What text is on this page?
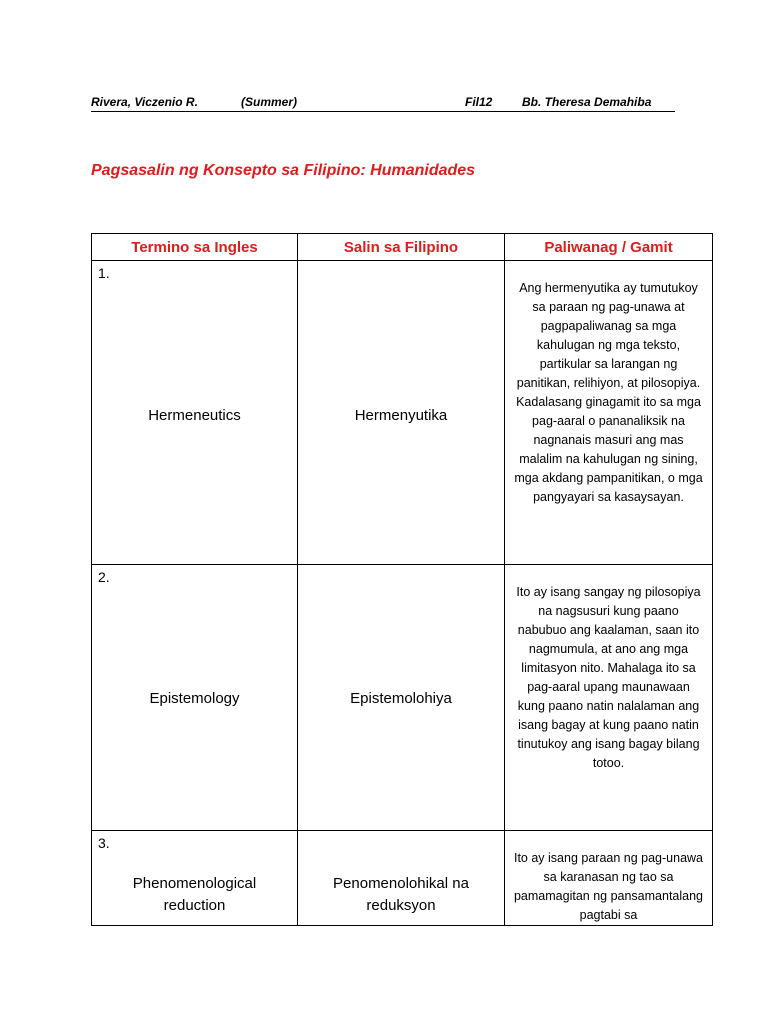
Rivera, Viczenio R.	(Summer)	Fil12 Bb. Theresa Demahiba
Pagsasalin ng Konsepto sa Filipino: Humanidades
Termino sa Ingles	Salin sa Filipino	Paliwanag / Gamit

1.
Hermeneutics	Hermenyutika	Ang hermenyutika ay tumutukoy sa paraan ng pag-unawa at pagpapaliwanag sa mga kahulugan ng mga teksto, partikular sa larangan ng panitikan, relihiyon, at pilosopiya. Kadalasang ginagamit ito sa mga pag-aaral o pananaliksik na nagnanais masuri ang mas malalim na kahulugan ng sining, mga akdang pampanitikan, o mga pangyayari sa kasaysayan.

2.
Epistemology	Epistemolohiya	Ito ay isang sangay ng pilosopiya na nagsusuri kung paano nabubuo ang kaalaman, saan ito nagmumula, at ano ang mga limitasyon nito. Mahalaga ito sa pag-aaral upang maunawaan kung paano natin nalalaman ang isang bagay at kung paano natin tinutukoy ang isang bagay bilang totoo.

3.
Phenomenological reduction	Penomenolohikal na reduksyon	Ito ay isang paraan ng pag-unawa sa karanasan ng tao sa pamamagitan ng pansamantalang pagtabi sa
